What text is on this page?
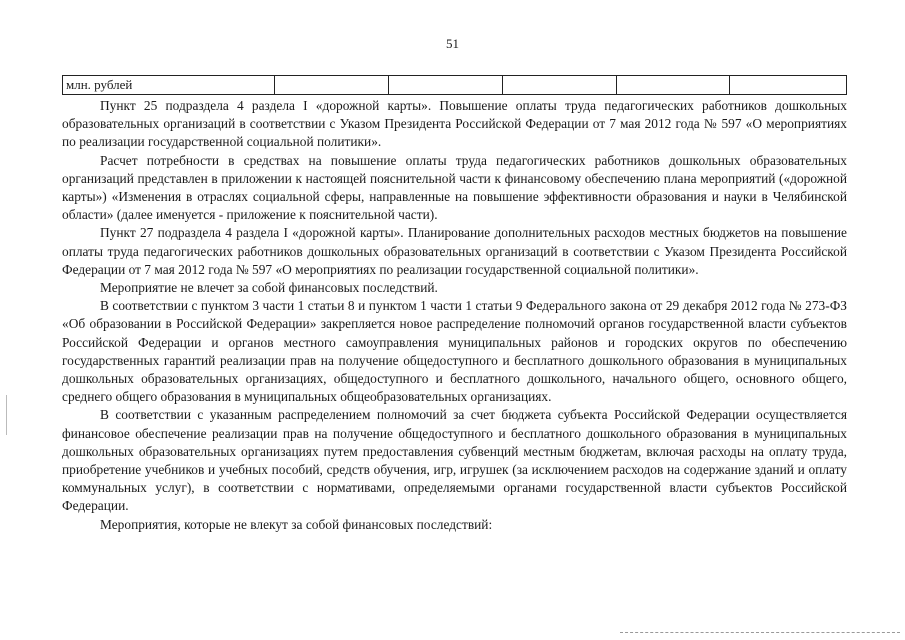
51
млн. рублей

Пункт 25 подраздела 4 раздела I «дорожной карты». Повышение оплаты труда педагогических работников дошкольных образовательных организаций в соответствии с Указом Президента Российской Федерации от 7 мая 2012 года № 597 «О мероприятиях по реализации государственной социальной политики».

Расчет потребности в средствах на повышение оплаты труда педагогических работников дошкольных образовательных организаций представлен в приложении к настоящей пояснительной части к финансовому обеспечению плана мероприятий («дорожной карты») «Изменения в отраслях социальной сферы, направленные на повышение эффективности образования и науки в Челябинской области» (далее именуется - приложение к пояснительной части).

Пункт 27 подраздела 4 раздела I «дорожной карты». Планирование дополнительных расходов местных бюджетов на повышение оплаты труда педагогических работников дошкольных образовательных организаций в соответствии с Указом Президента Российской Федерации от 7 мая 2012 года № 597 «О мероприятиях по реализации государственной социальной политики».

Мероприятие не влечет за собой финансовых последствий.

В соответствии с пунктом 3 части 1 статьи 8 и пунктом 1 части 1 статьи 9 Федерального закона от 29 декабря 2012 года № 273-ФЗ «Об образовании в Российской Федерации» закрепляется новое распределение полномочий органов государственной власти субъектов Российской Федерации и органов местного самоуправления муниципальных районов и городских округов по обеспечению государственных гарантий реализации прав на получение общедоступного и бесплатного дошкольного образования в муниципальных дошкольных образовательных организациях, общедоступного и бесплатного дошкольного, начального общего, основного общего, среднего общего образования в муниципальных общеобразовательных организациях.

В соответствии с указанным распределением полномочий за счет бюджета субъекта Российской Федерации осуществляется финансовое обеспечение реализации прав на получение общедоступного и бесплатного дошкольного образования в муниципальных дошкольных образовательных организациях путем предоставления субвенций местным бюджетам, включая расходы на оплату труда, приобретение учебников и учебных пособий, средств обучения, игр, игрушек (за исключением расходов на содержание зданий и оплату коммунальных услуг), в соответствии с нормативами, определяемыми органами государственной власти субъектов Российской Федерации.

Мероприятия, которые не влекут за собой финансовых последствий:
